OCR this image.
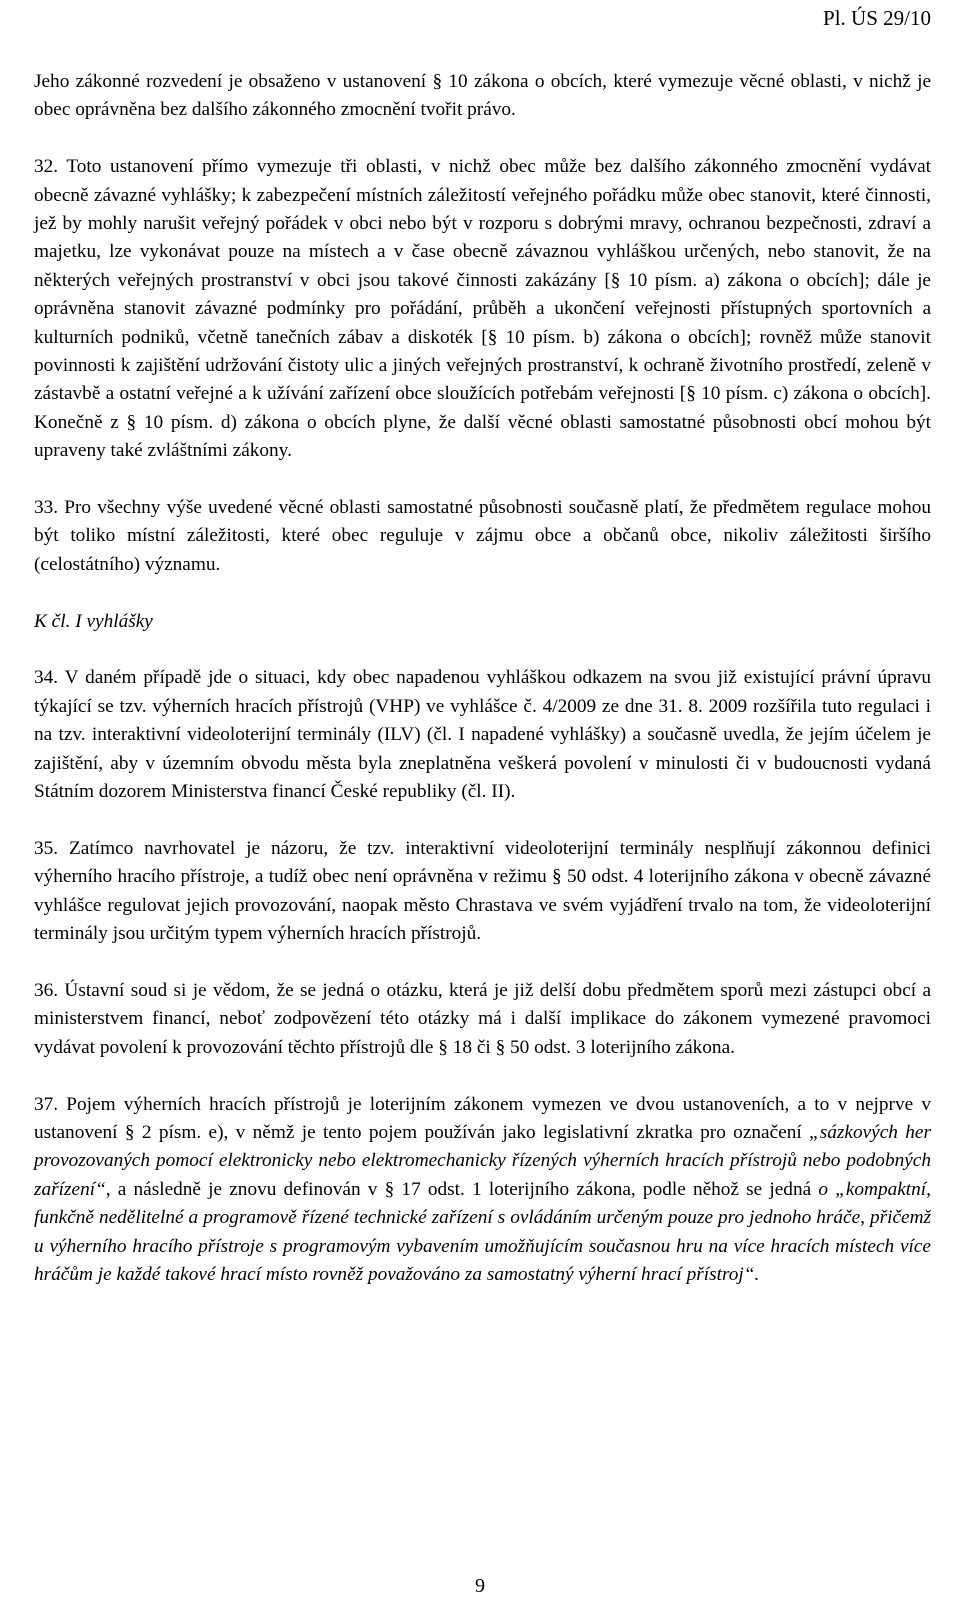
Pl. ÚS 29/10

Jeho zákonné rozvedení je obsaženo v ustanovení § 10 zákona o obcích, které vymezuje věcné oblasti, v nichž je obec oprávněna bez dalšího zákonného zmocnění tvořit právo.

32. Toto ustanovení přímo vymezuje tři oblasti, v nichž obec může bez dalšího zákonného zmocnění vydávat obecně závazné vyhlášky; k zabezpečení místních záležitostí veřejného pořádku může obec stanovit, které činnosti, jež by mohly narušit veřejný pořádek v obci nebo být v rozporu s dobrými mravy, ochranou bezpečnosti, zdraví a majetku, lze vykonávat pouze na místech a v čase obecně závaznou vyhláškou určených, nebo stanovit, že na některých veřejných prostranství v obci jsou takové činnosti zakázány [§ 10 písm. a) zákona o obcích]; dále je oprávněna stanovit závazné podmínky pro pořádání, průběh a ukončení veřejnosti přístupných sportovních a kulturních podniků, včetně tanečních zábav a diskoték [§ 10 písm. b) zákona o obcích]; rovněž může stanovit povinnosti k zajištění udržování čistoty ulic a jiných veřejných prostranství, k ochraně životního prostředí, zeleně v zástavbě a ostatní veřejné a k užívání zařízení obce sloužících potřebám veřejnosti [§ 10 písm. c) zákona o obcích]. Konečně z § 10 písm. d) zákona o obcích plyne, že další věcné oblasti samostatné působnosti obcí mohou být upraveny také zvláštními zákony.

33. Pro všechny výše uvedené věcné oblasti samostatné působnosti současně platí, že předmětem regulace mohou být toliko místní záležitosti, které obec reguluje v zájmu obce a občanů obce, nikoliv záležitosti širšího (celostátního) významu.

K čl. I vyhlášky

34. V daném případě jde o situaci, kdy obec napadenou vyhláškou odkazem na svou již existující právní úpravu týkající se tzv. výherních hracích přístrojů (VHP) ve vyhlášce č. 4/2009 ze dne 31. 8. 2009 rozšířila tuto regulaci i na tzv. interaktivní videoloterijní terminály (ILV) (čl. I napadené vyhlášky) a současně uvedla, že jejím účelem je zajištění, aby v územním obvodu města byla zneplatněna veškerá povolení v minulosti či v budoucnosti vydaná Státním dozorem Ministerstva financí České republiky (čl. II).

35. Zatímco navrhovatel je názoru, že tzv. interaktivní videoloterijní terminály nesplňují zákonnou definici výherního hracího přístroje, a tudíž obec není oprávněna v režimu § 50 odst. 4 loterijního zákona v obecně závazné vyhlášce regulovat jejich provozování, naopak město Chrastava ve svém vyjádření trvalo na tom, že videoloterijní terminály jsou určitým typem výherních hracích přístrojů.

36. Ústavní soud si je vědom, že se jedná o otázku, která je již delší dobu předmětem sporů mezi zástupci obcí a ministerstvem financí, neboť zodpovězení této otázky má i další implikace do zákonem vymezené pravomoci vydávat povolení k provozování těchto přístrojů dle § 18 či § 50 odst. 3 loterijního zákona.

37. Pojem výherních hracích přístrojů je loterijním zákonem vymezen ve dvou ustanoveních, a to v nejprve v ustanovení § 2 písm. e), v němž je tento pojem používán jako legislativní zkratka pro označení „sázkových her provozovaných pomocí elektronicky nebo elektromechanicky řízených výherních hracích přístrojů nebo podobných zařízení“, a následně je znovu definován v § 17 odst. 1 loterijního zákona, podle něhož se jedná o „kompaktní, funkčně nedělitelné a programově řízené technické zařízení s ovládáním určeným pouze pro jednoho hráče, přičemž u výherního hracího přístroje s programovým vybavením umožňujícím současnou hru na více hracích místech více hráčům je každé takové hrací místo rovněž považováno za samostatný výherní hrací přístroj“.

9
